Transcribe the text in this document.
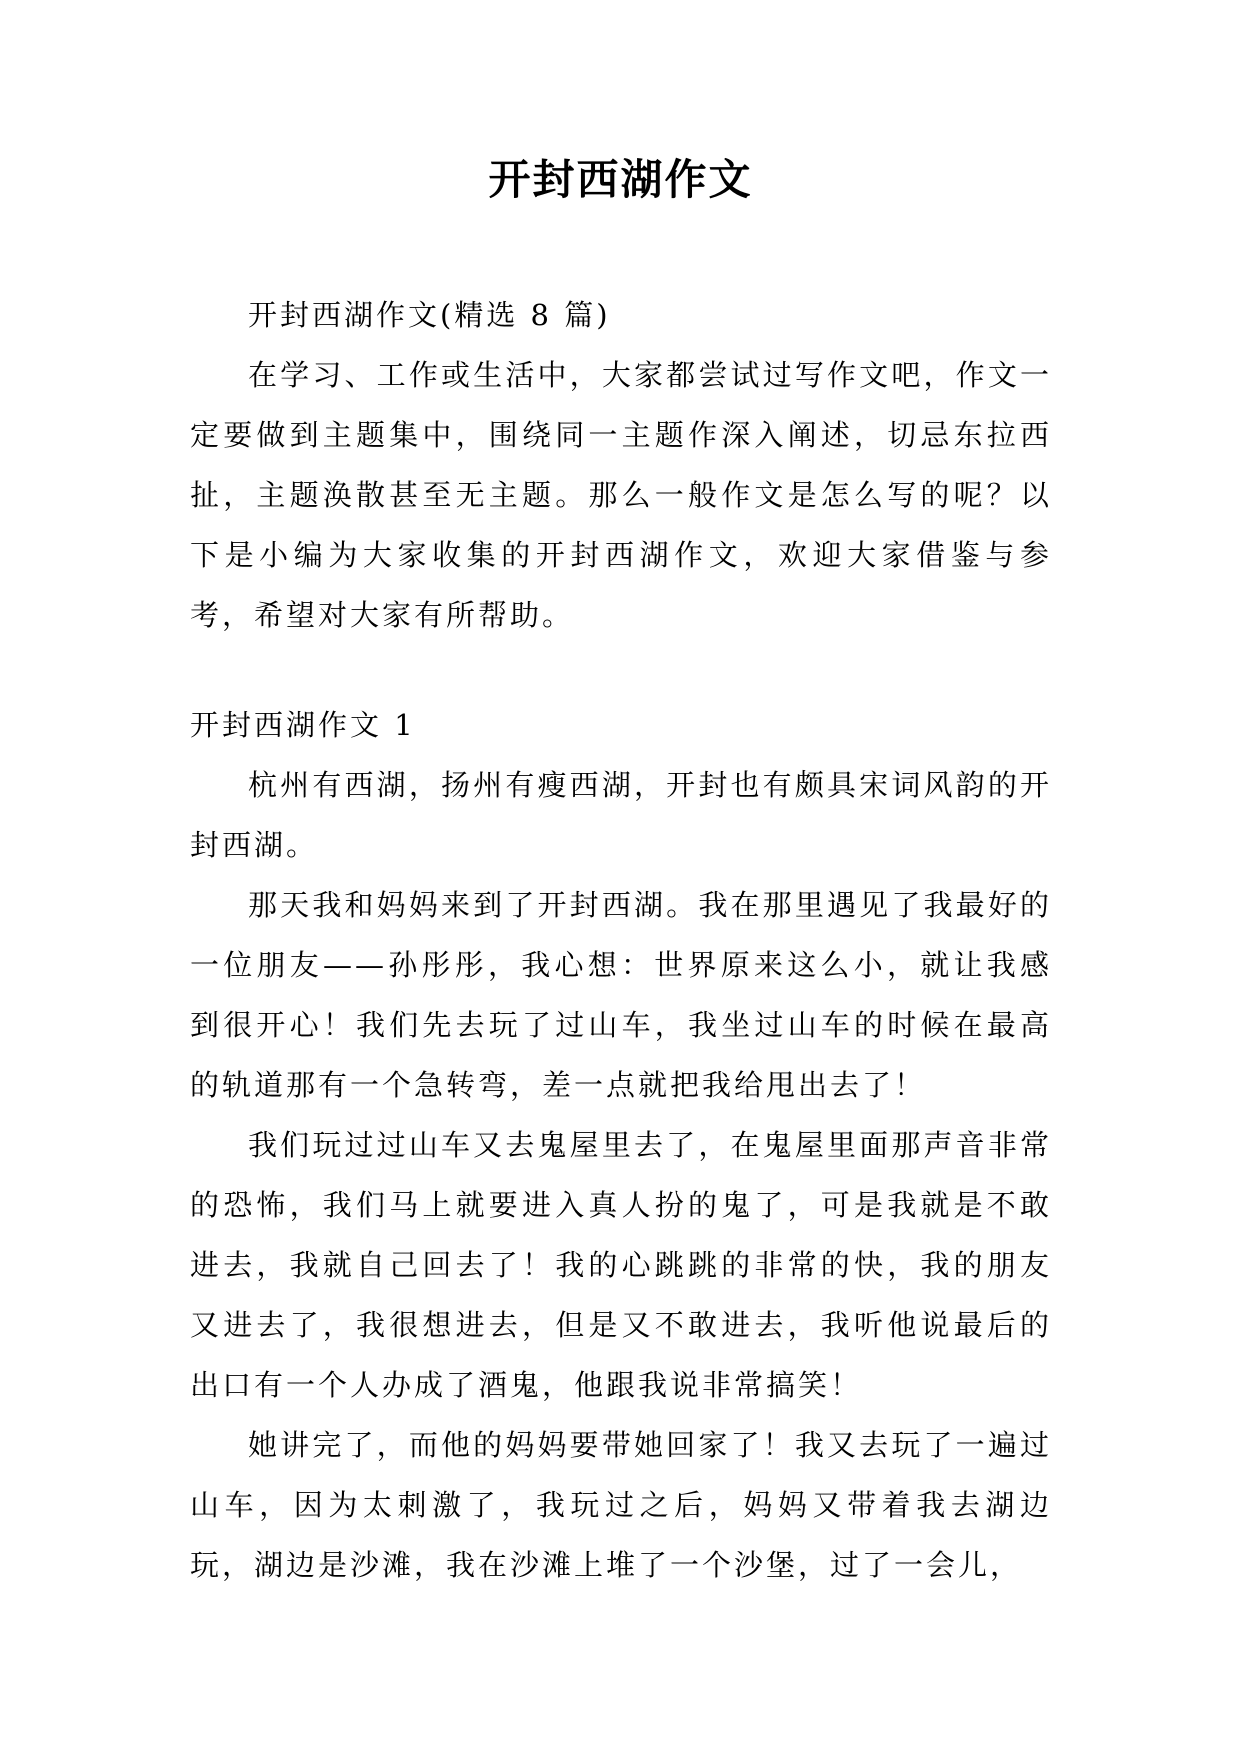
开封西湖作文

开封西湖作文(精选 8 篇)

在学习、工作或生活中，大家都尝试过写作文吧，作文一定要做到主题集中，围绕同一主题作深入阐述，切忌东拉西扯，主题涣散甚至无主题。那么一般作文是怎么写的呢？以下是小编为大家收集的开封西湖作文，欢迎大家借鉴与参考，希望对大家有所帮助。

开封西湖作文 1

杭州有西湖，扬州有瘦西湖，开封也有颇具宋词风韵的开封西湖。

那天我和妈妈来到了开封西湖。我在那里遇见了我最好的一位朋友——孙彤彤，我心想：世界原来这么小，就让我感到很开心！我们先去玩了过山车，我坐过山车的时候在最高的轨道那有一个急转弯，差一点就把我给甩出去了！

我们玩过过山车又去鬼屋里去了，在鬼屋里面那声音非常的恐怖，我们马上就要进入真人扮的鬼了，可是我就是不敢进去，我就自己回去了！我的心跳跳的非常的快，我的朋友又进去了，我很想进去，但是又不敢进去，我听他说最后的出口有一个人办成了酒鬼，他跟我说非常搞笑！

她讲完了，而他的妈妈要带她回家了！我又去玩了一遍过山车，因为太刺激了，我玩过之后，妈妈又带着我去湖边玩，湖边是沙滩，我在沙滩上堆了一个沙堡，过了一会儿，
